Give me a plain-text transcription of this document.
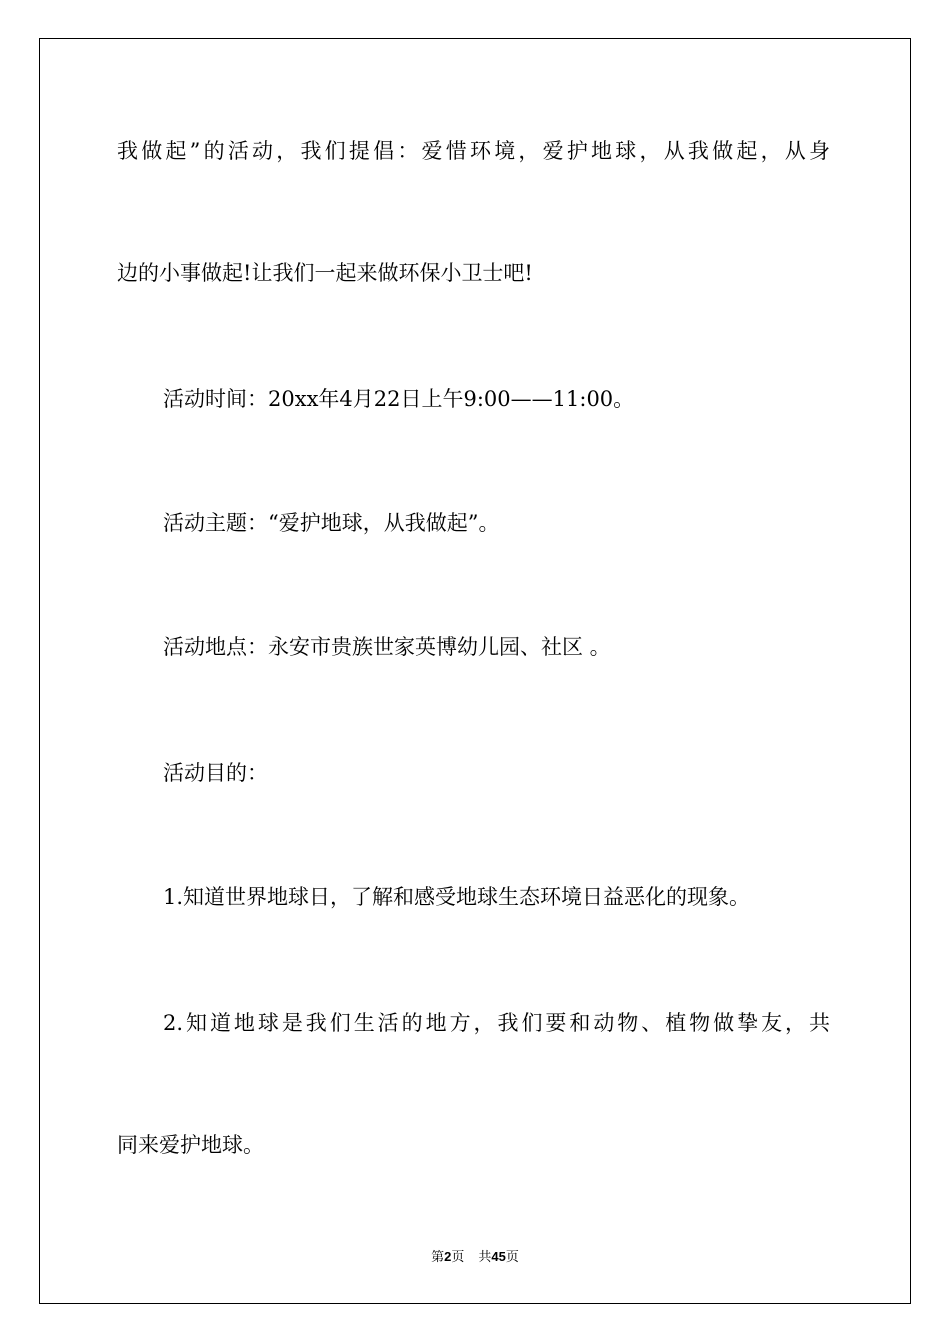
我做起”的活动，我们提倡：爱惜环境，爱护地球，从我做起，从身

边的小事做起!让我们一起来做环保小卫士吧!

活动时间：20xx年4月22日上午9:00——11:00。

活动主题：“爱护地球，从我做起”。

活动地点：永安市贵族世家英博幼儿园、社区 。

活动目的：

1.知道世界地球日，了解和感受地球生态环境日益恶化的现象。

2.知道地球是我们生活的地方，我们要和动物、植物做挚友，共

同来爱护地球。

第2页 共45页
